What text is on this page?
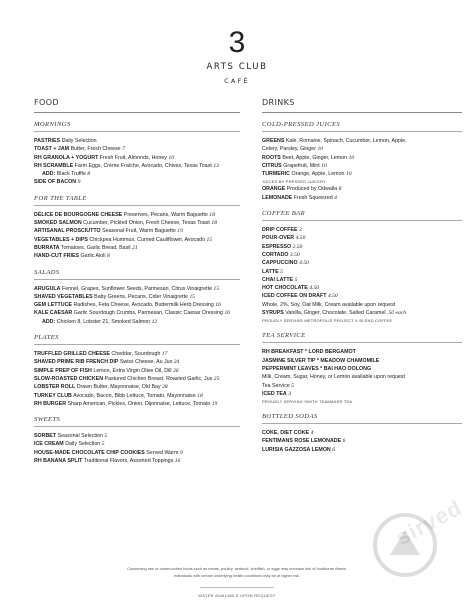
3
ARTS CLUB
CAFÉ
FOOD
MORNINGS
PASTRIES Daily Selection
TOAST + JAM Butter, Fresh Cheese 7
RH GRANOLA + YOGURT Fresh Fruit, Almonds, Honey 10
RH SCRAMBLE Farm Eggs, Crème Fraîche, Avocado, Chives, Texas Toast 13
ADD: Black Truffle 8
SIDE OF BACON 9
FOR THE TABLE
DÉLICE DE BOURGOGNE CHEESE Preserves, Pecans, Warm Baguette 18
SMOKED SALMON Cucumber, Pickled Onion, Fresh Cheese, Texas Toast 18
ARTISANAL PROSCIUTTO Seasonal Fruit, Warm Baguette 19
VEGETABLES + DIPS Chickpea Hummus, Curried Cauliflower, Avocado 15
BURRATA Tomatoes, Garlic Bread, Basil 21
HAND-CUT FRIES Garlic Aioli 8
SALADS
ARUGULA Fennel, Grapes, Sunflower Seeds, Parmesan, Citrus Vinaigrette 15
SHAVED VEGETABLES Baby Greens, Pecans, Cider Vinaigrette 15
GEM LETTUCE Radishes, Feta Cheese, Avocado, Buttermilk Herb Dressing 16
KALE CAESAR Garlic Sourdough Crumbs, Parmesan, Classic Caesar Dressing 16
ADD: Chicken 8, Lobster 21, Smoked Salmon 12
PLATES
TRUFFLED GRILLED CHEESE Cheddar, Sourdough 17
SHAVED PRIME RIB FRENCH DIP Swiss Cheese, Au Jus 24
SIMPLE PREP OF FISH Lemon, Extra Virgin Olive Oil, Dill 26
SLOW-ROASTED CHICKEN Pastured Chicken Breast, Roasted Garlic, Jus 25
LOBSTER ROLL Drawn Butter, Mayonnaise, Old Bay 28
TURKEY CLUB Avocado, Bacon, Bibb Lettuce, Tomato, Mayonnaise 18
RH BURGER Sharp American, Pickles, Onion, Dijonnaise, Lettuce, Tomato 19
SWEETS
SORBET Seasonal Selection 5
ICE CREAM Daily Selection 5
HOUSE-MADE CHOCOLATE CHIP COOKIES Served Warm 9
RH BANANA SPLIT Traditional Flavors, Assorted Toppings 16
DRINKS
COLD-PRESSED JUICES
GREENS Kale, Romaine, Spinach, Cucumber, Lemon, Apple,
Celery, Parsley, Ginger 10
ROOTS Beet, Apple, Ginger, Lemon 10
CITRUS Grapefruit, Mint 10
TURMERIC Orange, Apple, Lemon 10
JUICES BY PRESSED JUICERY
ORANGE Produced by Odwalla 8
LEMONADE Fresh Squeezed 4
COFFEE BAR
DRIP COFFEE 3
POUR-OVER 4.50
ESPRESSO 2.50
CORTADO 3.50
CAPPUCCINO 4.50
LATTE 5
CHAI LATTE 5
HOT CHOCOLATE 4.50
ICED COFFEE ON DRAFT 4.50
Whole, 2%, Soy, Oat Milk, Cream available upon request
SYRUPS Vanilla, Ginger, Chocolate, Salted Caramel .50 each
PROUDLY SERVING METROPOLIS PROJECT X BLEND COFFEE
TEA SERVICE
RH BREAKFAST * LORD BERGAMOT
JASMINE SILVER TIP * MEADOW CHAMOMILE
PEPPERMINT LEAVES * BAI HAO OOLONG
Milk, Cream, Sugar, Honey, or Lemon available upon request
Tea Service 5
ICED TEA 3
PROUDLY SERVING SMITH TEAMAKER TEA
BOTTLED SODAS
COKE, DIET COKE 4
FENTIMANS ROSE LEMONADE 6
LURISIA GAZZOSA LEMON 6
Consuming raw or undercooked foods such as meats, poultry, seafood, shellfish, or eggs may increase risk of foodborne illness.
Individuals with certain underlying health conditions may be at higher risk.
WATER AVAILABLE UPON REQUEST
sirved
